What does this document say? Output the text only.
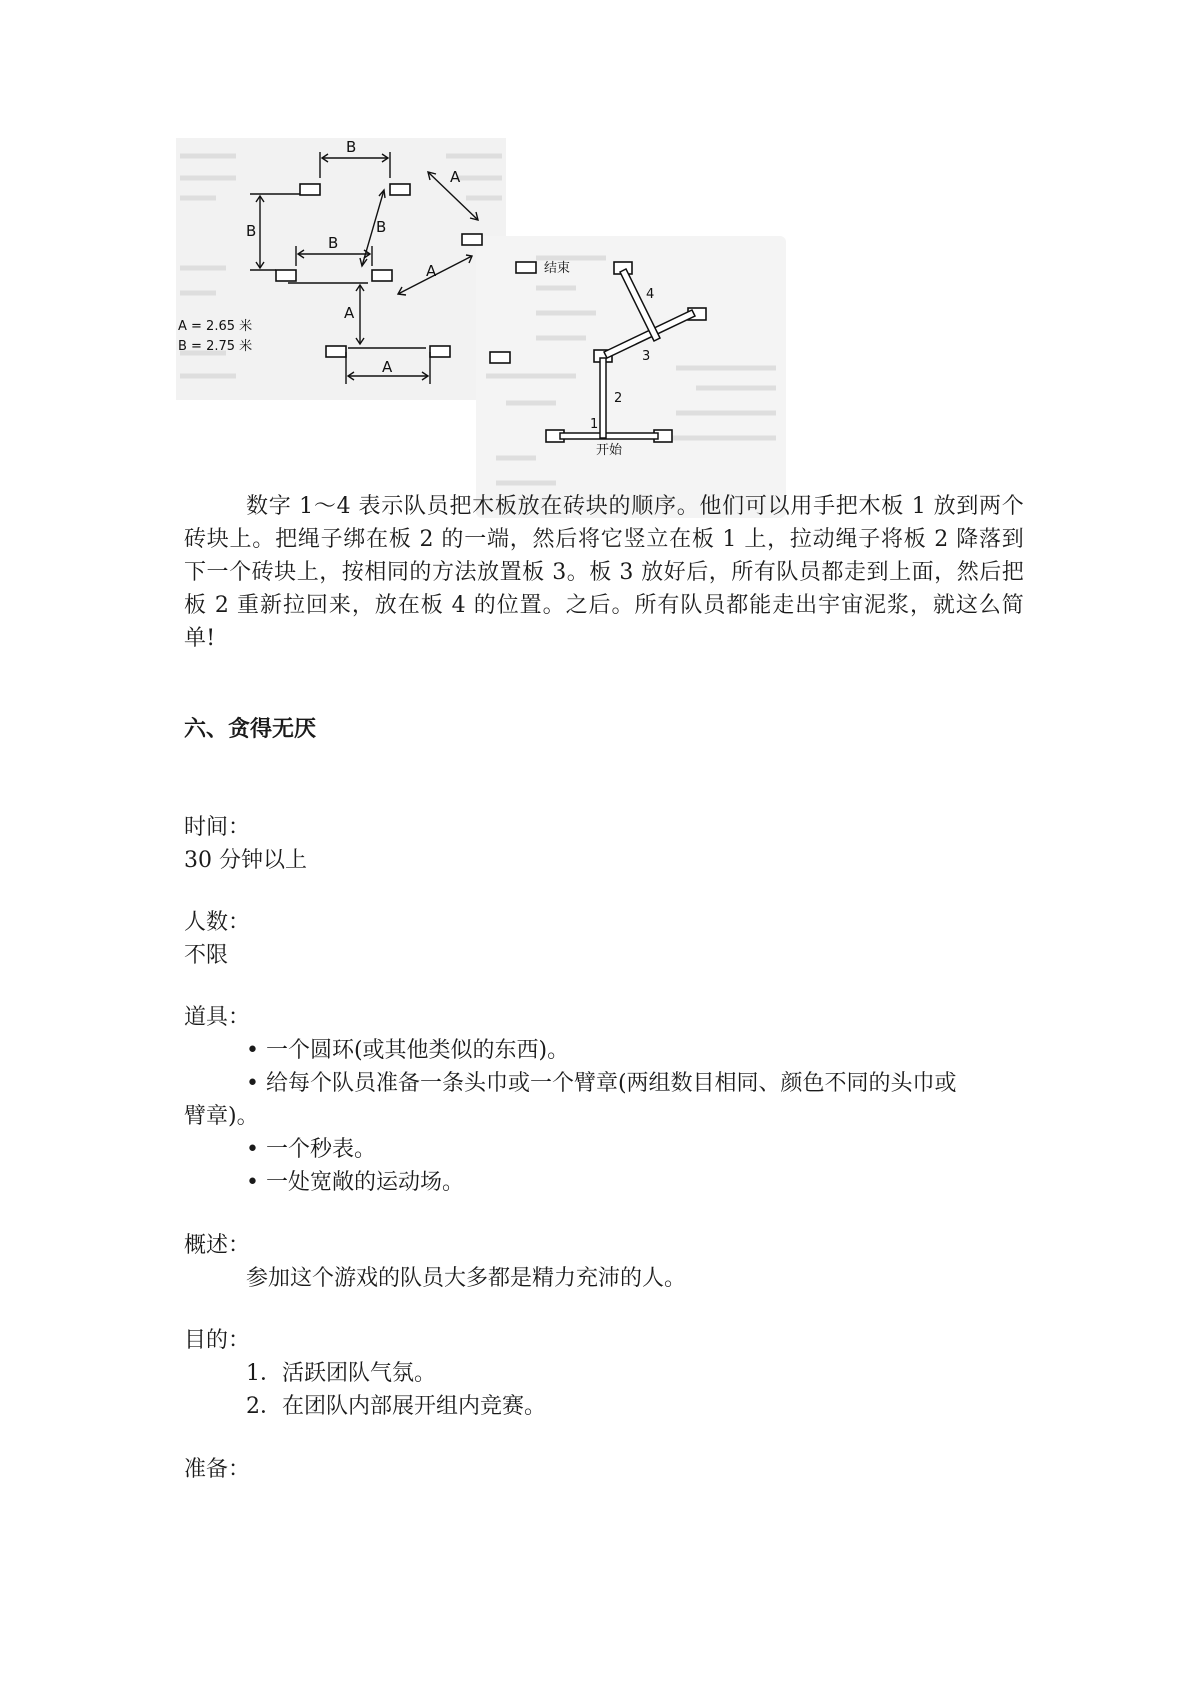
B
B
B
B
A
A
A
A
A = 2.65 米
B = 2.75 米
结束
开始
1
2
3
4

数字 1～4 表示队员把木板放在砖块的顺序。他们可以用手把木板 1 放到两个砖块上。把绳子绑在板 2 的一端，然后将它竖立在板 1 上，拉动绳子将板 2 降落到下一个砖块上，按相同的方法放置板 3。板 3 放好后，所有队员都走到上面，然后把板 2 重新拉回来，放在板 4 的位置。之后。所有队员都能走出宇宙泥浆，就这么简单!

六、贪得无厌
时间：
30 分钟以上
人数：
不限
道具：
• 一个圆环(或其他类似的东西)。
• 给每个队员准备一条头巾或一个臂章(两组数目相同、颜色不同的头巾或
臂章)。
• 一个秒表。
• 一处宽敞的运动场。
概述：
参加这个游戏的队员大多都是精力充沛的人。
目的：
1．活跃团队气氛。
2．在团队内部展开组内竞赛。
准备：
